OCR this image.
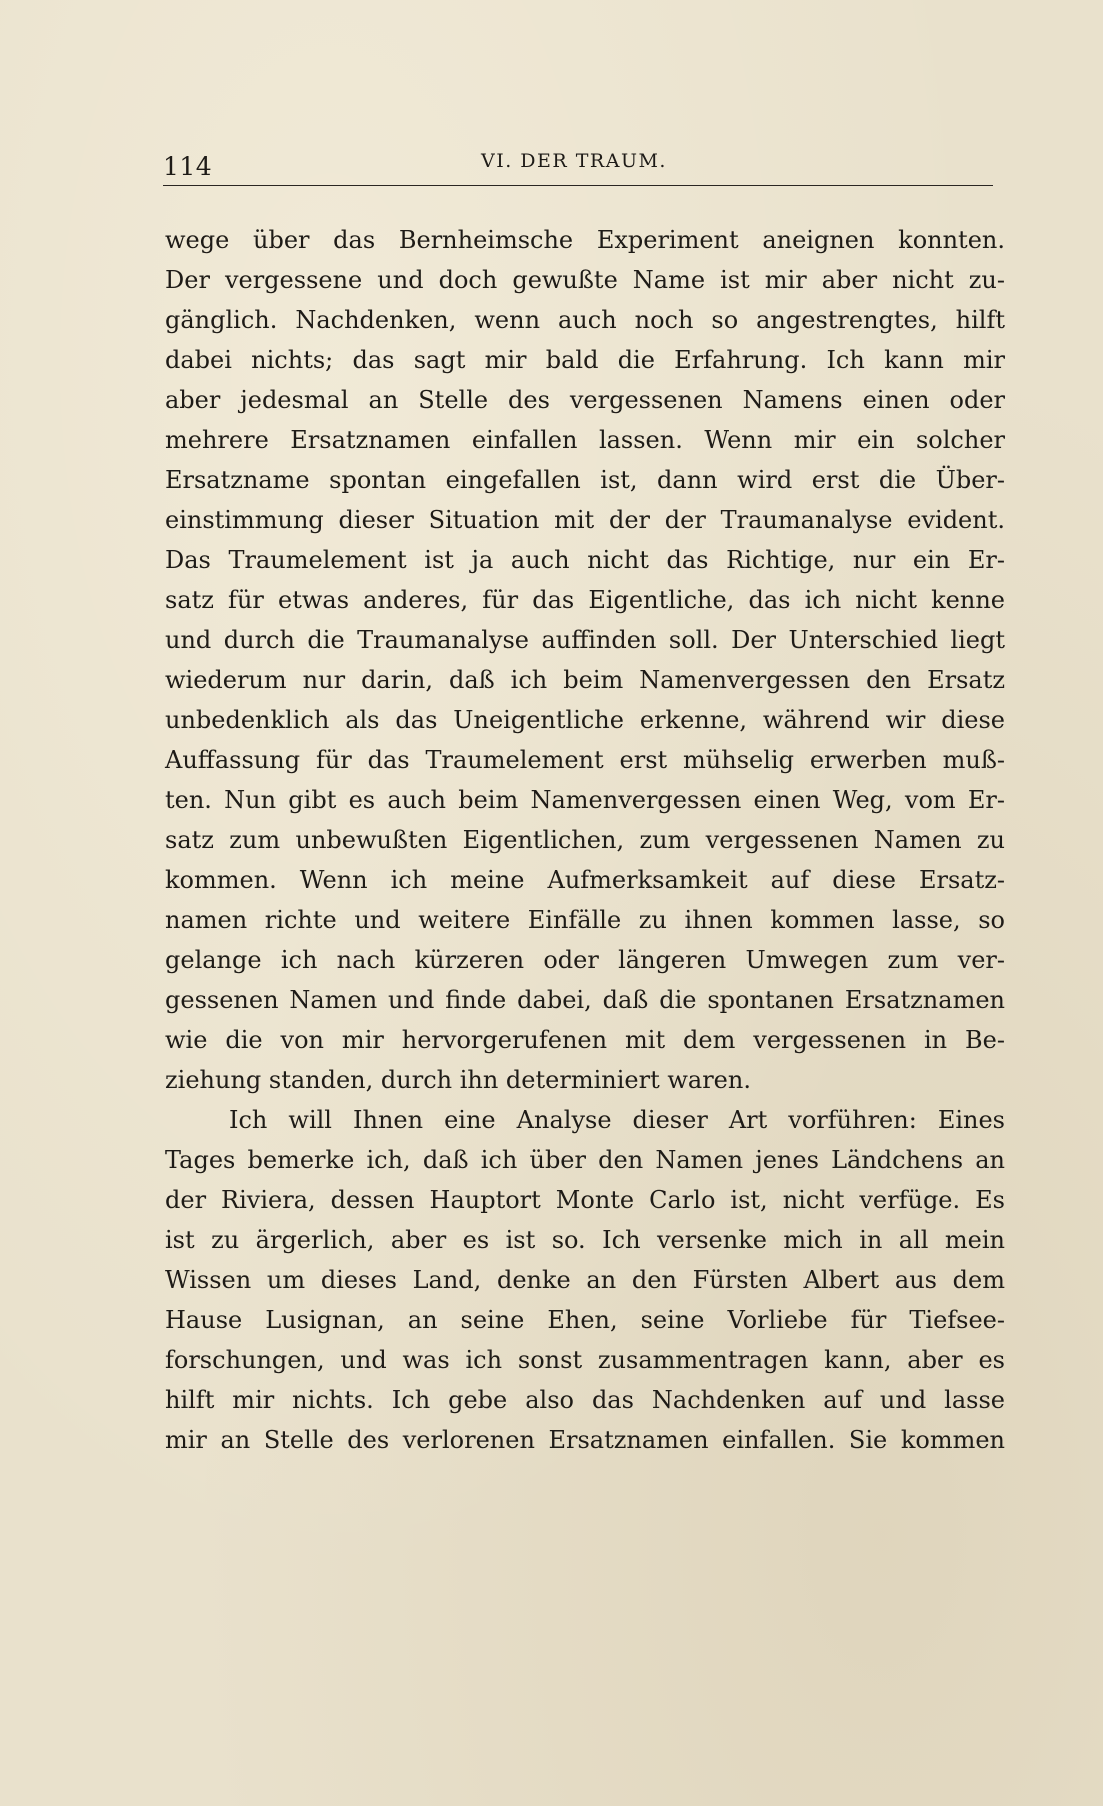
114	VI. DER TRAUM.
wege über das Bernheimsche Experiment aneignen konnten.
Der vergessene und doch gewußte Name ist mir aber nicht zu-
gänglich. Nachdenken, wenn auch noch so angestrengtes, hilft
dabei nichts; das sagt mir bald die Erfahrung. Ich kann mir
aber jedesmal an Stelle des vergessenen Namens einen oder
mehrere Ersatznamen einfallen lassen. Wenn mir ein solcher
Ersatzname spontan eingefallen ist, dann wird erst die Über-
einstimmung dieser Situation mit der der Traumanalyse evident.
Das Traumelement ist ja auch nicht das Richtige, nur ein Er-
satz für etwas anderes, für das Eigentliche, das ich nicht kenne
und durch die Traumanalyse auffinden soll. Der Unterschied liegt
wiederum nur darin, daß ich beim Namenvergessen den Ersatz
unbedenklich als das Uneigentliche erkenne, während wir diese
Auffassung für das Traumelement erst mühselig erwerben muß-
ten. Nun gibt es auch beim Namenvergessen einen Weg, vom Er-
satz zum unbewußten Eigentlichen, zum vergessenen Namen zu
kommen. Wenn ich meine Aufmerksamkeit auf diese Ersatz-
namen richte und weitere Einfälle zu ihnen kommen lasse, so
gelange ich nach kürzeren oder längeren Umwegen zum ver-
gessenen Namen und finde dabei, daß die spontanen Ersatznamen
wie die von mir hervorgerufenen mit dem vergessenen in Be-
ziehung standen, durch ihn determiniert waren.
Ich will Ihnen eine Analyse dieser Art vorführen: Eines
Tages bemerke ich, daß ich über den Namen jenes Ländchens an
der Riviera, dessen Hauptort Monte Carlo ist, nicht verfüge. Es
ist zu ärgerlich, aber es ist so. Ich versenke mich in all mein
Wissen um dieses Land, denke an den Fürsten Albert aus dem
Hause Lusignan, an seine Ehen, seine Vorliebe für Tiefsee-
forschungen, und was ich sonst zusammentragen kann, aber es
hilft mir nichts. Ich gebe also das Nachdenken auf und lasse
mir an Stelle des verlorenen Ersatznamen einfallen. Sie kommen
